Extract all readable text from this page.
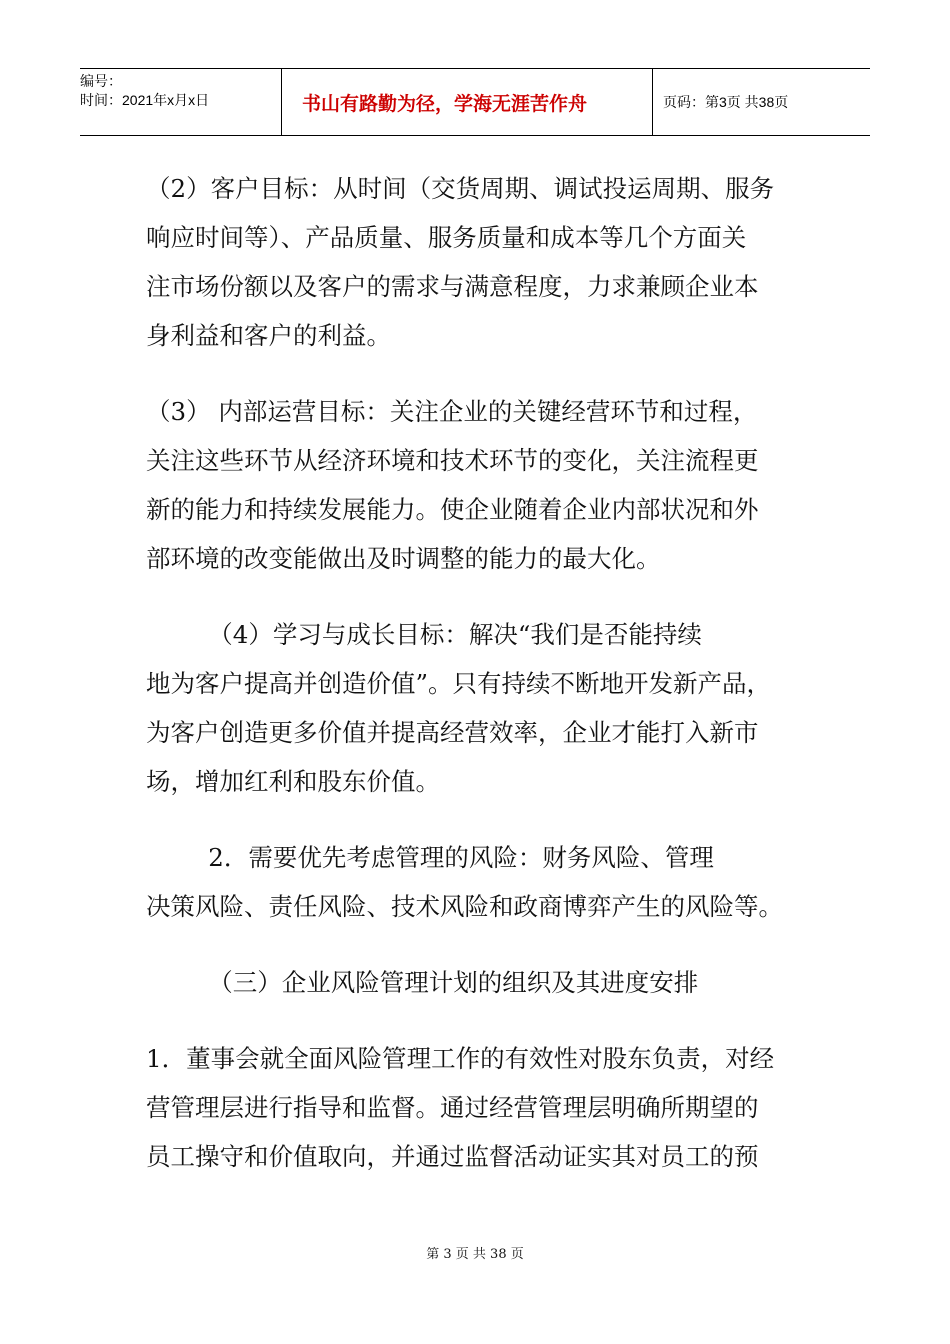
编号：
时间：2021年x月x日	书山有路勤为径，学海无涯苦作舟	页码：第3页 共38页
（2）客户目标：从时间（交货周期、调试投运周期、服务
响应时间等）、产品质量、服务质量和成本等几个方面关
注市场份额以及客户的需求与满意程度，力求兼顾企业本
身利益和客户的利益。
（3） 内部运营目标：关注企业的关键经营环节和过程，
关注这些环节从经济环境和技术环节的变化，关注流程更
新的能力和持续发展能力。使企业随着企业内部状况和外
部环境的改变能做出及时调整的能力的最大化。
（4）学习与成长目标：解决“我们是否能持续
地为客户提高并创造价值”。只有持续不断地开发新产品，
为客户创造更多价值并提高经营效率，企业才能打入新市
场，增加红利和股东价值。
2．需要优先考虑管理的风险：财务风险、管理
决策风险、责任风险、技术风险和政商博弈产生的风险等。
（三）企业风险管理计划的组织及其进度安排
1．董事会就全面风险管理工作的有效性对股东负责，对经
营管理层进行指导和监督。通过经营管理层明确所期望的
员工操守和价值取向，并通过监督活动证实其对员工的预
第 3 页 共 38 页
